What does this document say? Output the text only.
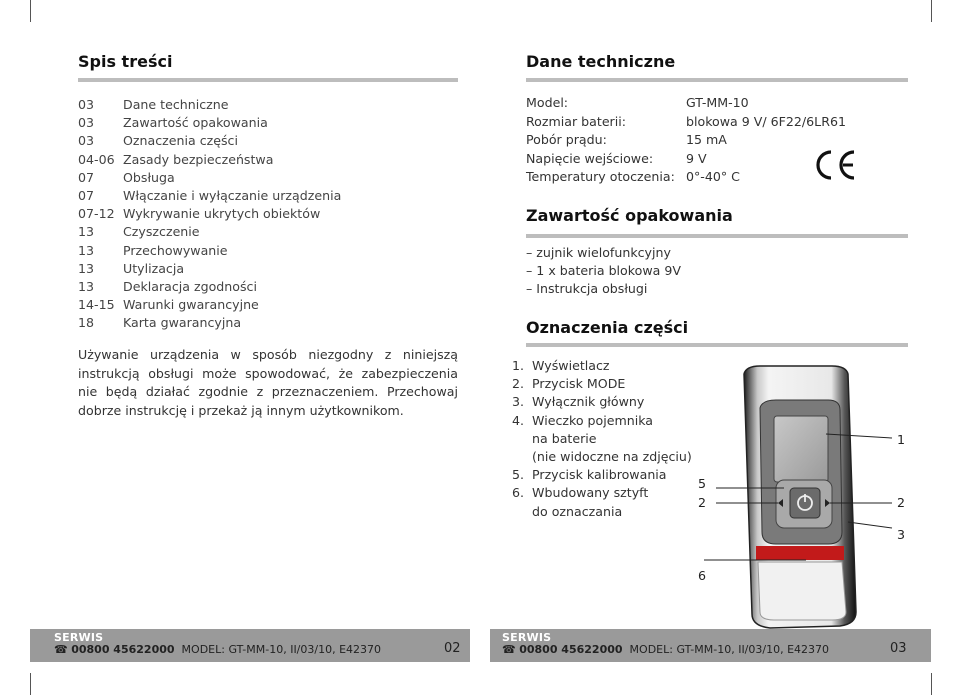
Spis treści
03 Dane techniczne
03 Zawartość opakowania
03 Oznaczenia części
04-06 Zasady bezpieczeństwa
07 Obsługa
07 Włączanie i wyłączanie urządzenia
07-12 Wykrywanie ukrytych obiektów
13 Czyszczenie
13 Przechowywanie
13 Utylizacja
13 Deklaracja zgodności
14-15 Warunki gwarancyjne
18 Karta gwarancyjna

Używanie urządzenia w sposób niezgodny z niniejszą instrukcją obsługi może spowodować, że zabezpieczenia nie będą działać zgodnie z przeznaczeniem. Przechowaj dobrze instrukcję i przekaż ją innym użytkownikom.

SERWIS
☎ 00800 45622000 MODEL: GT-MM-10, II/03/10, E42370	02
Dane techniczne
Model:	GT-MM-10
Rozmiar baterii:	blokowa 9 V/ 6F22/6LR61
Pobór prądu:	15 mA
Napięcie wejściowe:	9 V
Temperatury otoczenia: 0°-40° C
Zawartość opakowania
– zujnik wielofunkcyjny
– 1 x bateria blokowa 9V
– Instrukcja obsługi
Oznaczenia części
1.  Wyświetlacz
2.  Przycisk MODE
3.  Wyłącznik główny
4.  Wieczko pojemnika
na baterie
(nie widoczne na zdjęciu)
5.  Przycisk kalibrowania
6.  Wbudowany sztyft
do oznaczania
1
5
2	2
3
6
SERWIS
☎ 00800 45622000 MODEL: GT-MM-10, II/03/10, E42370	03
